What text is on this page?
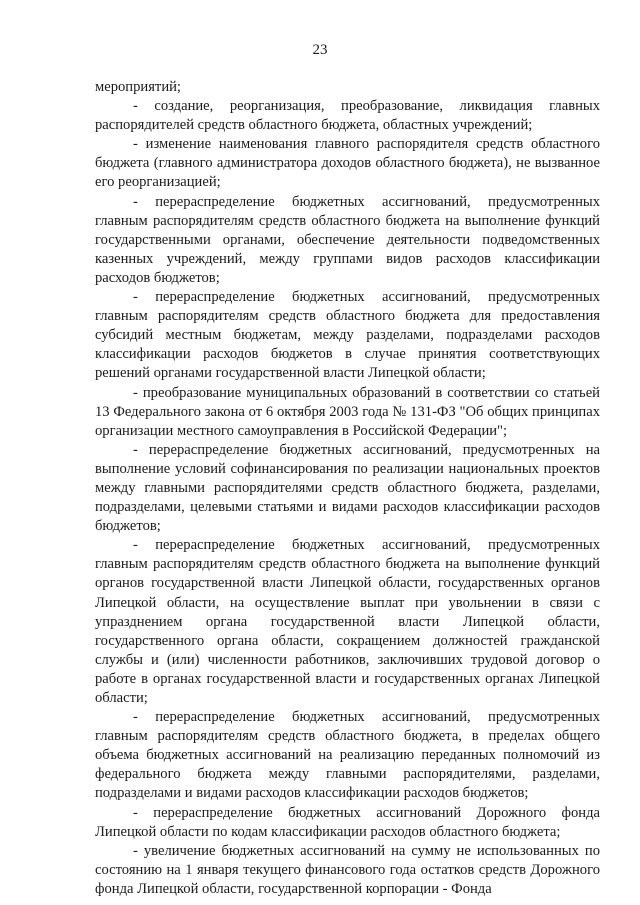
23

мероприятий;

- создание, реорганизация, преобразование, ликвидация главных распорядителей средств областного бюджета, областных учреждений;

- изменение наименования главного распорядителя средств областного бюджета (главного администратора доходов областного бюджета), не вызванное его реорганизацией;

- перераспределение бюджетных ассигнований, предусмотренных главным распорядителям средств областного бюджета на выполнение функций государственными органами, обеспечение деятельности подведомственных казенных учреждений, между группами видов расходов классификации расходов бюджетов;

- перераспределение бюджетных ассигнований, предусмотренных главным распорядителям средств областного бюджета для предоставления субсидий местным бюджетам, между разделами, подразделами расходов классификации расходов бюджетов в случае принятия соответствующих решений органами государственной власти Липецкой области;

- преобразование муниципальных образований в соответствии со статьей 13 Федерального закона от 6 октября 2003 года № 131-ФЗ "Об общих принципах организации местного самоуправления в Российской Федерации";

- перераспределение бюджетных ассигнований, предусмотренных на выполнение условий софинансирования по реализации национальных проектов между главными распорядителями средств областного бюджета, разделами, подразделами, целевыми статьями и видами расходов классификации расходов бюджетов;

- перераспределение бюджетных ассигнований, предусмотренных главным распорядителям средств областного бюджета на выполнение функций органов государственной власти Липецкой области, государственных органов Липецкой области, на осуществление выплат при увольнении в связи с упразднением органа государственной власти Липецкой области, государственного органа области, сокращением должностей гражданской службы и (или) численности работников, заключивших трудовой договор о работе в органах государственной власти и государственных органах Липецкой области;

- перераспределение бюджетных ассигнований, предусмотренных главным распорядителям средств областного бюджета, в пределах общего объема бюджетных ассигнований на реализацию переданных полномочий из федерального бюджета между главными распорядителями, разделами, подразделами и видами расходов классификации расходов бюджетов;

- перераспределение бюджетных ассигнований Дорожного фонда Липецкой области по кодам классификации расходов областного бюджета;

- увеличение бюджетных ассигнований на сумму не использованных по состоянию на 1 января текущего финансового года остатков средств Дорожного фонда Липецкой области, государственной корпорации - Фонда
